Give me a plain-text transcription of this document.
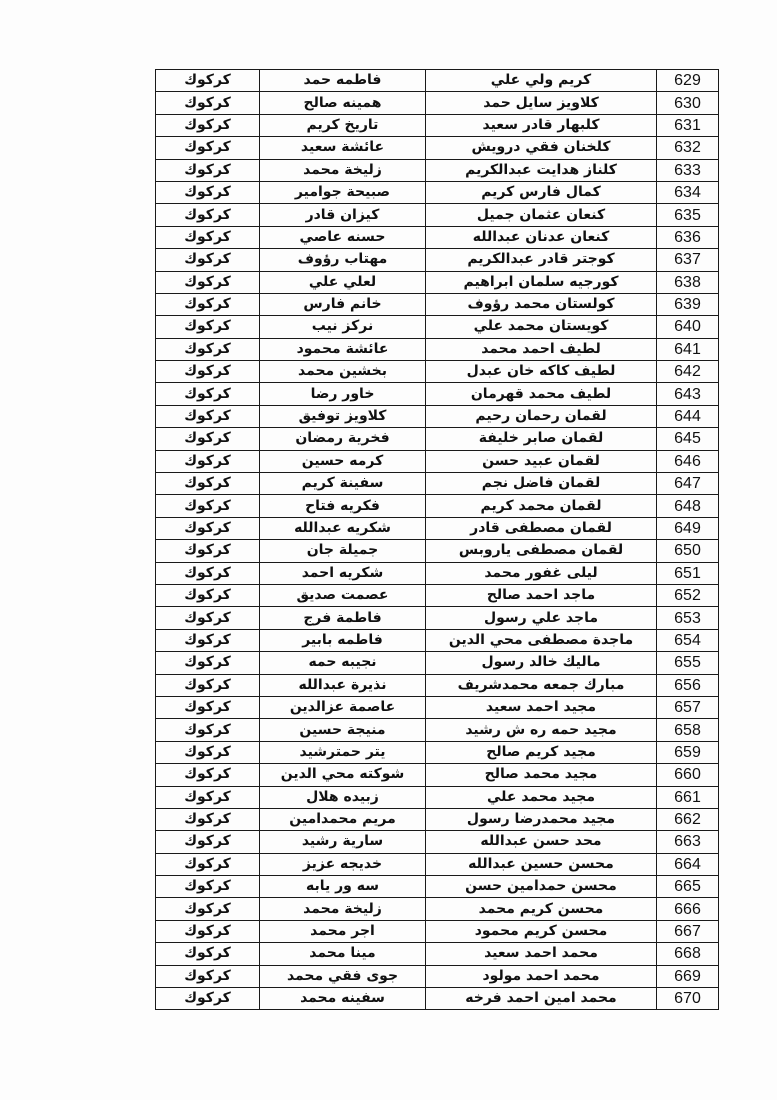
كركوك	فاطمه حمد	كريم ولي علي	629
كركوك	همينه صالح	كلاويز سايل حمد	630
كركوك	تاريخ كريم	كلبهار قادر سعيد	631
كركوك	عائشة سعيد	كلخنان فقي درويش	632
كركوك	زليخة محمد	كلناز هدايت عبدالكريم	633
كركوك	صبيحة جوامير	كمال فارس كريم	634
كركوك	كيزان قادر	كنعان عثمان جميل	635
كركوك	حسنه عاصي	كنعان عدنان عبدالله	636
كركوك	مهتاب رؤوف	كوجتر قادر عبدالكريم	637
كركوك	لعلي علي	كورجيه سلمان ابراهيم	638
كركوك	خانم فارس	كولستان محمد رؤوف	639
كركوك	نركز نيب	كويستان محمد علي	640
كركوك	عائشة محمود	لطيف احمد محمد	641
كركوك	بخشين محمد	لطيف كاكه خان عبدل	642
كركوك	خاور رضا	لطيف محمد قهرمان	643
كركوك	كلاويز توفيق	لقمان رحمان رحيم	644
كركوك	فخرية رمضان	لقمان صابر خليفة	645
كركوك	كرمه حسين	لقمان عبيد حسن	646
كركوك	سفينة كريم	لقمان فاضل نجم	647
كركوك	فكريه فتاح	لقمان محمد كريم	648
كركوك	شكريه عبدالله	لقمان مصطفى قادر	649
كركوك	جميلة جان	لقمان مصطفى ياروبس	650
كركوك	شكريه احمد	ليلى غفور محمد	651
كركوك	عصمت صديق	ماجد احمد صالح	652
كركوك	فاطمة فرج	ماجد علي رسول	653
كركوك	فاطمه بابير	ماجدة مصطفى محي الدين	654
كركوك	نجيبه حمه	ماليك خالد رسول	655
كركوك	نذيرة عبدالله	مبارك جمعه محمدشريف	656
كركوك	عاصمة عزالدين	مجيد احمد سعيد	657
كركوك	منيجة حسين	مجيد حمه ره ش رشيد	658
كركوك	يتر حمترشيد	مجيد كريم صالح	659
كركوك	شوكته محي الدين	مجيد محمد صالح	660
كركوك	زبيده هلال	مجيد محمد علي	661
كركوك	مريم محمدامين	مجيد محمدرضا رسول	662
كركوك	سارية رشيد	محد حسن عبدالله	663
كركوك	خديجه عزيز	محسن حسين عبدالله	664
كركوك	سه ور يابه	محسن حمدامين حسن	665
كركوك	زليخة محمد	محسن كريم محمد	666
كركوك	اجر محمد	محسن كريم محمود	667
كركوك	مينا محمد	محمد احمد سعيد	668
كركوك	جوى فقي محمد	محمد احمد مولود	669
كركوك	سفينه محمد	محمد امين احمد فرخه	670
